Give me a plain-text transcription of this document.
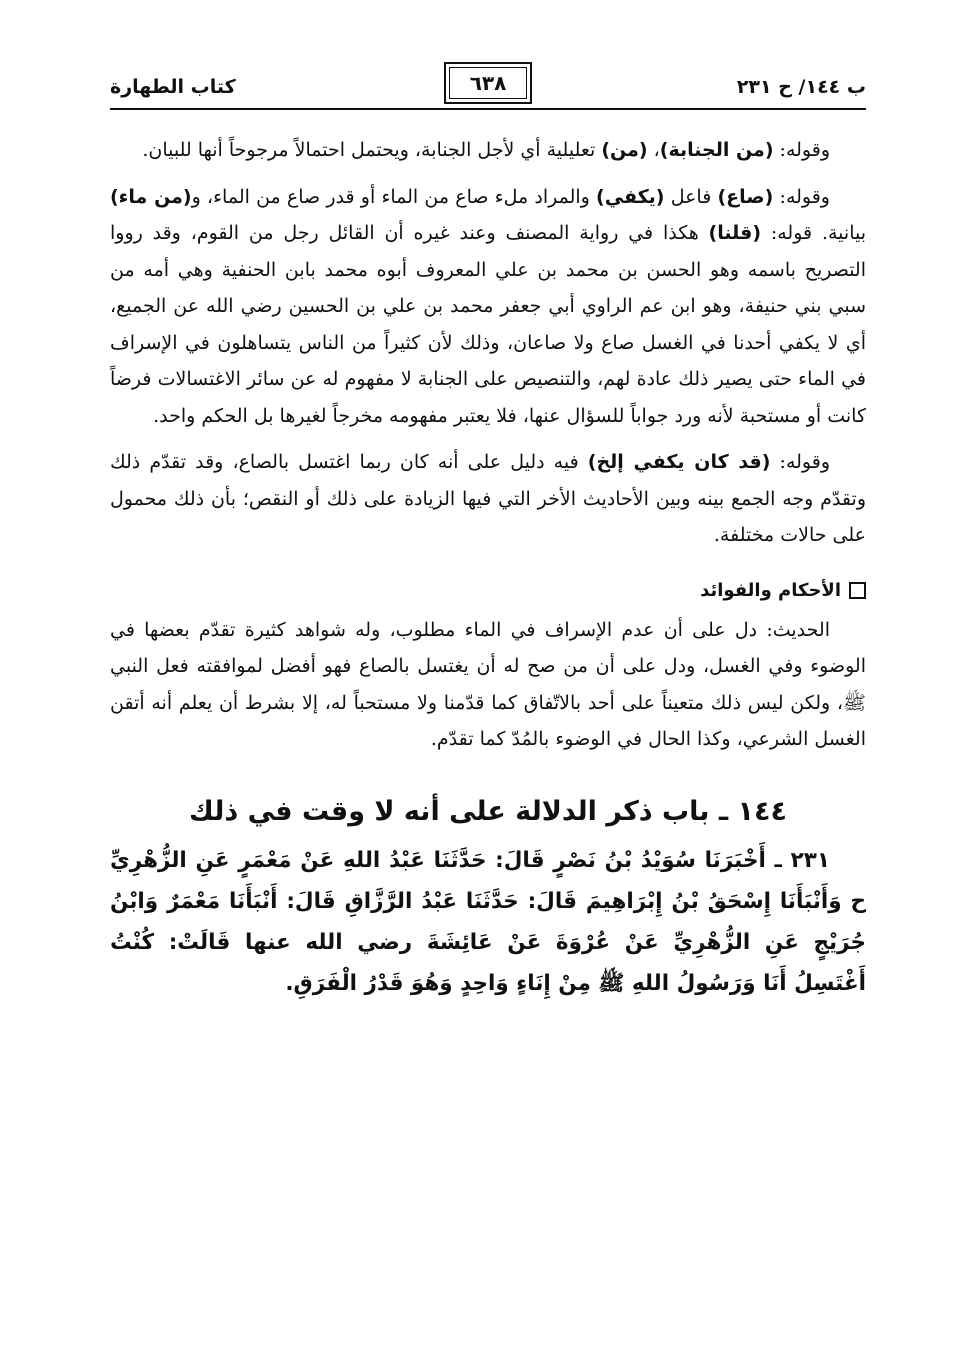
ب ١٤٤/ ح ٢٣١
٦٣٨
كتاب الطهارة

وقوله: (من الجنابة)، (من) تعليلية أي لأجل الجنابة، ويحتمل احتمالاً مرجوحاً أنها للبيان.

وقوله: (صاع) فاعل (يكفي) والمراد ملء صاع من الماء أو قدر صاع من الماء، و(من ماء) بيانية. قوله: (قلنا) هكذا في رواية المصنف وعند غيره أن القائل رجل من القوم، وقد رووا التصريح باسمه وهو الحسن بن محمد بن علي المعروف أبوه محمد بابن الحنفية وهي أمه من سبي بني حنيفة، وهو ابن عم الراوي أبي جعفر محمد بن علي بن الحسين رضي الله عن الجميع، أي لا يكفي أحدنا في الغسل صاع ولا صاعان، وذلك لأن كثيراً من الناس يتساهلون في الإسراف في الماء حتى يصير ذلك عادة لهم، والتنصيص على الجنابة لا مفهوم له عن سائر الاغتسالات فرضاً كانت أو مستحبة لأنه ورد جواباً للسؤال عنها، فلا يعتبر مفهومه مخرجاً لغيرها بل الحكم واحد.

وقوله: (قد كان يكفي إلخ) فيه دليل على أنه كان ربما اغتسل بالصاع، وقد تقدّم ذلك وتقدّم وجه الجمع بينه وبين الأحاديث الأخر التي فيها الزيادة على ذلك أو النقص؛ بأن ذلك محمول على حالات مختلفة.

الأحكام والفوائد

الحديث: دل على أن عدم الإسراف في الماء مطلوب، وله شواهد كثيرة تقدّم بعضها في الوضوء وفي الغسل، ودل على أن من صح له أن يغتسل بالصاع فهو أفضل لموافقته فعل النبي ﷺ، ولكن ليس ذلك متعيناً على أحد بالاتّفاق كما قدّمنا ولا مستحباً له، إلا بشرط أن يعلم أنه أتقن الغسل الشرعي، وكذا الحال في الوضوء بالمُدّ كما تقدّم.

١٤٤ ـ باب ذكر الدلالة على أنه لا وقت في ذلك
٢٣١ ـ أَخْبَرَنَا سُوَيْدُ بْنُ نَصْرٍ قَالَ: حَدَّثَنَا عَبْدُ اللهِ عَنْ مَعْمَرٍ عَنِ الزُّهْرِيِّ ح وَأَنْبَأَنَا إِسْحَقُ بْنُ إِبْرَاهِيمَ قَالَ: حَدَّثَنَا عَبْدُ الرَّزَّاقِ قَالَ: أَنْبَأَنَا مَعْمَرٌ وَابْنُ جُرَيْجٍ عَنِ الزُّهْرِيِّ عَنْ عُرْوَةَ عَنْ عَائِشَةَ رضي الله عنها قَالَتْ: كُنْتُ أَغْتَسِلُ أَنَا وَرَسُولُ اللهِ ﷺ مِنْ إِنَاءٍ وَاحِدٍ وَهُوَ قَدْرُ الْفَرَقِ.
